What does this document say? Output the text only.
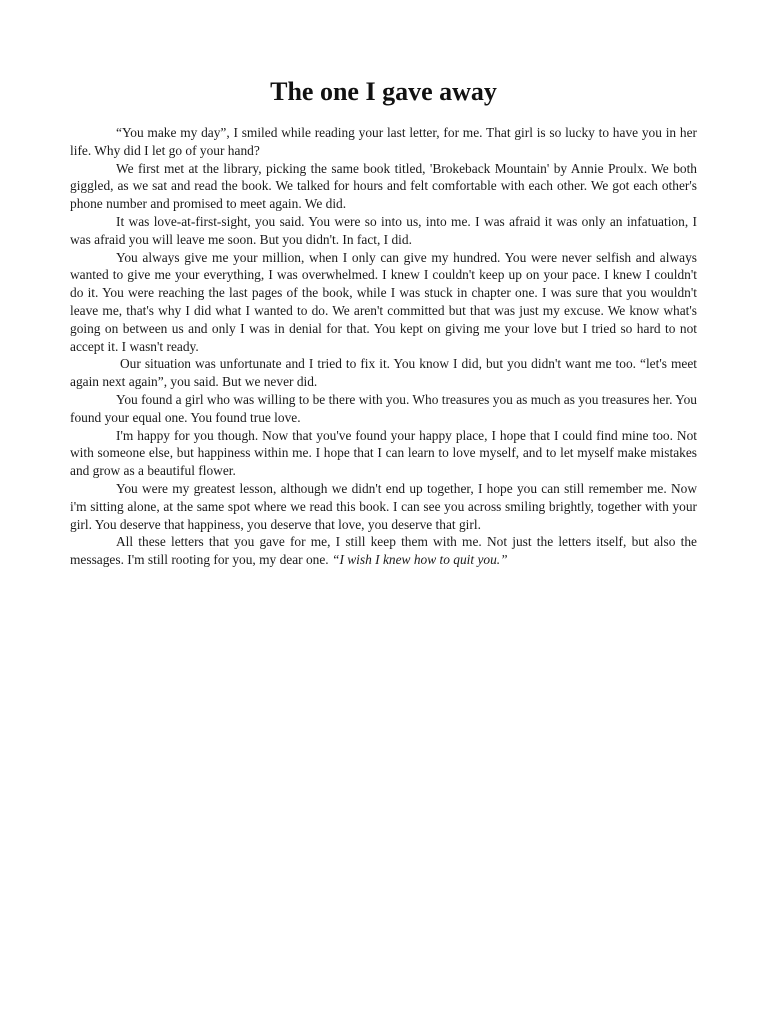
The one I gave away

“You make my day”, I smiled while reading your last letter, for me. That girl is so lucky to have you in her life. Why did I let go of your hand?

We first met at the library, picking the same book titled, 'Brokeback Mountain' by Annie Proulx. We both giggled, as we sat and read the book. We talked for hours and felt comfortable with each other. We got each other's phone number and promised to meet again. We did.

It was love-at-first-sight, you said. You were so into us, into me. I was afraid it was only an infatuation, I was afraid you will leave me soon. But you didn't. In fact, I did.

You always give me your million, when I only can give my hundred. You were never selfish and always wanted to give me your everything, I was overwhelmed. I knew I couldn't keep up on your pace. I knew I couldn't do it. You were reaching the last pages of the book, while I was stuck in chapter one. I was sure that you wouldn't leave me, that's why I did what I wanted to do. We aren't committed but that was just my excuse. We know what's going on between us and only I was in denial for that. You kept on giving me your love but I tried so hard to not accept it. I wasn't ready.

Our situation was unfortunate and I tried to fix it. You know I did, but you didn't want me too. “let's meet again next again”, you said. But we never did.

You found a girl who was willing to be there with you. Who treasures you as much as you treasures her. You found your equal one. You found true love.

I'm happy for you though. Now that you've found your happy place, I hope that I could find mine too. Not with someone else, but happiness within me. I hope that I can learn to love myself, and to let myself make mistakes and grow as a beautiful flower.

You were my greatest lesson, although we didn't end up together, I hope you can still remember me. Now i'm sitting alone, at the same spot where we read this book. I can see you across smiling brightly, together with your girl. You deserve that happiness, you deserve that love, you deserve that girl.

All these letters that you gave for me, I still keep them with me. Not just the letters itself, but also the messages. I'm still rooting for you, my dear one. “I wish I knew how to quit you.”
